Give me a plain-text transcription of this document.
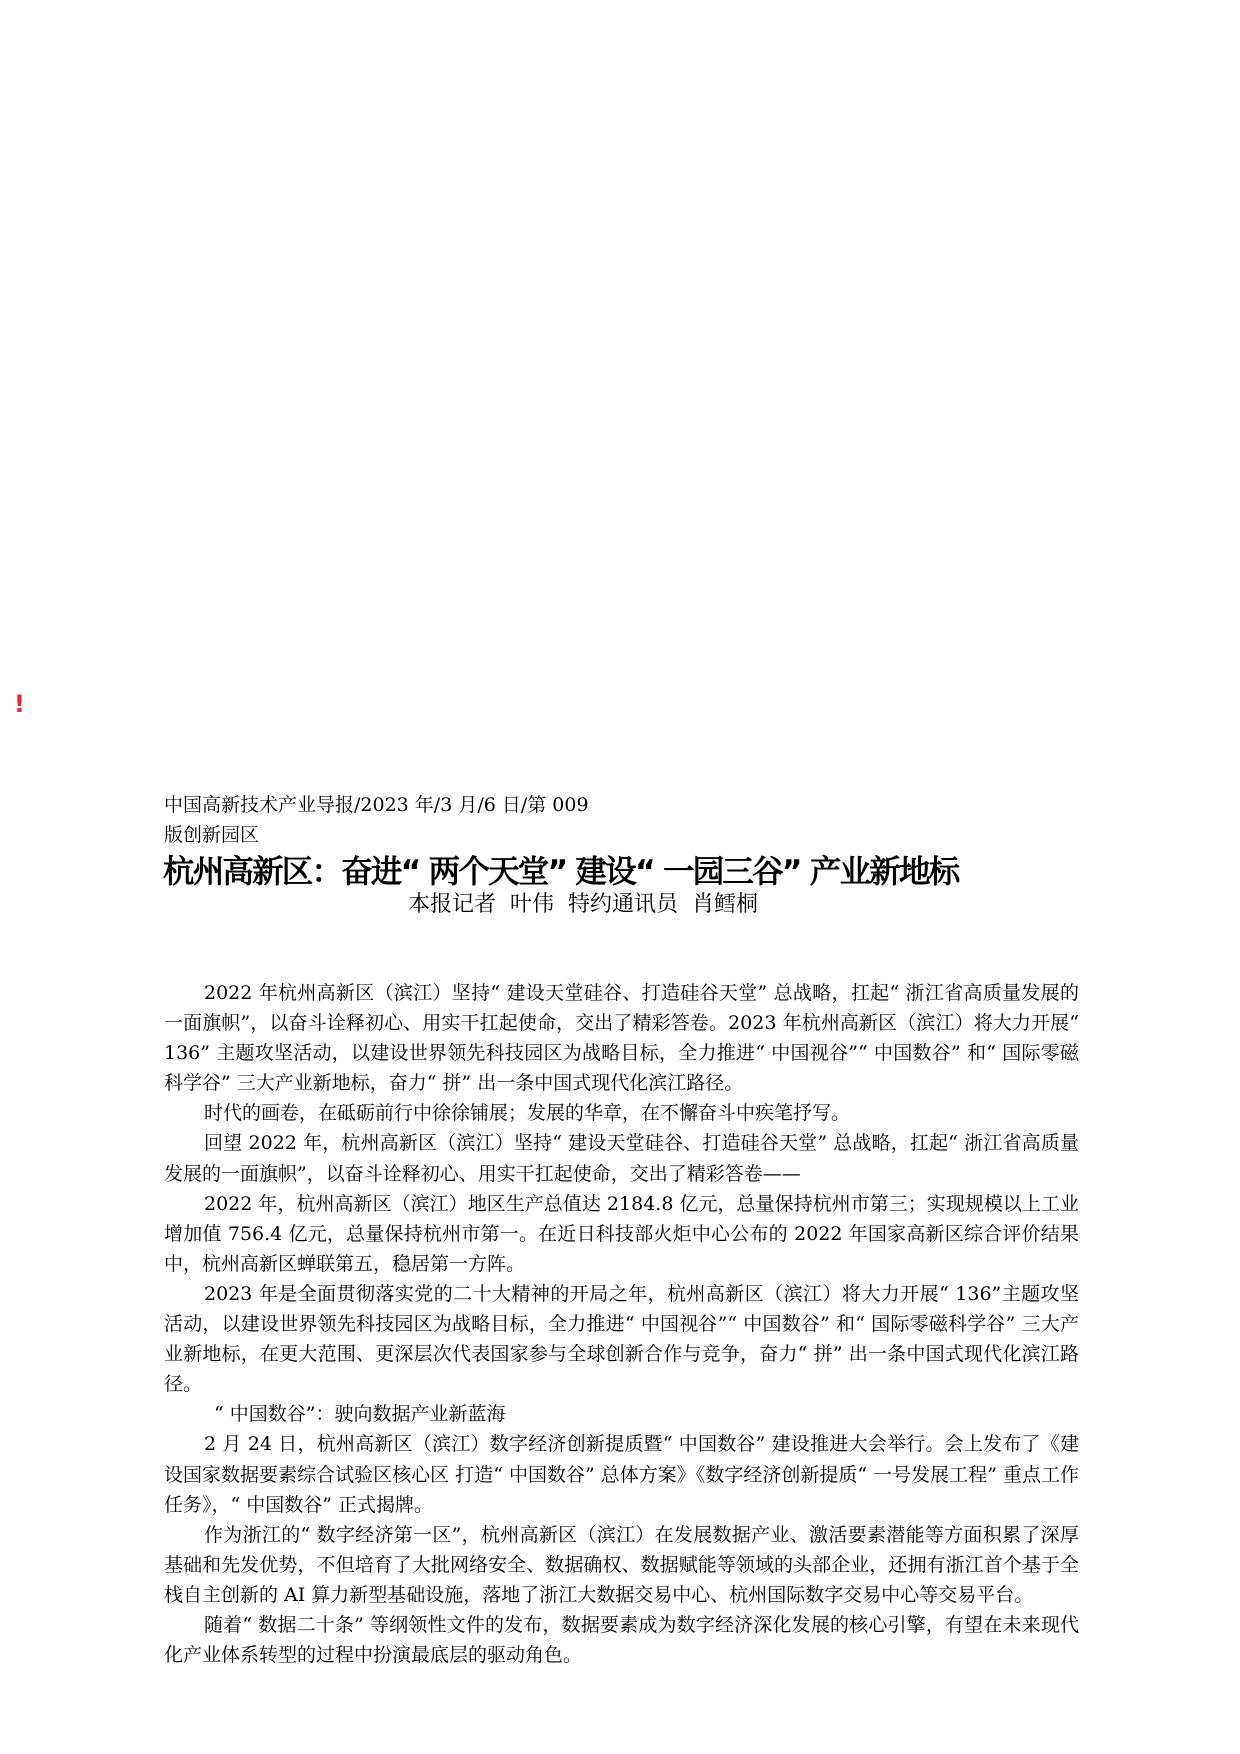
!
中国高新技术产业导报/2023 年/3 月/6 日/第 009
版创新园区
杭州高新区：奋进“ 两个天堂” 建设“ 一园三谷” 产业新地标
本报记者  叶伟  特约通讯员  肖鳕桐

2022 年杭州高新区（滨江）坚持“ 建设天堂硅谷、打造硅谷天堂” 总战略，扛起“ 浙江省高质量发展的一面旗帜”，以奋斗诠释初心、用实干扛起使命，交出了精彩答卷。2023 年杭州高新区（滨江）将大力开展“ 136” 主题攻坚活动，以建设世界领先科技园区为战略目标，全力推进“ 中国视谷”“ 中国数谷” 和“ 国际零磁科学谷” 三大产业新地标，奋力“ 拼” 出一条中国式现代化滨江路径。

时代的画卷，在砥砺前行中徐徐铺展；发展的华章，在不懈奋斗中疾笔抒写。

回望 2022 年，杭州高新区（滨江）坚持“ 建设天堂硅谷、打造硅谷天堂” 总战略，扛起“ 浙江省高质量发展的一面旗帜”，以奋斗诠释初心、用实干扛起使命，交出了精彩答卷——

2022 年，杭州高新区（滨江）地区生产总值达 2184.8 亿元，总量保持杭州市第三；实现规模以上工业增加值 756.4 亿元，总量保持杭州市第一。在近日科技部火炬中心公布的 2022 年国家高新区综合评价结果中，杭州高新区蝉联第五，稳居第一方阵。

2023 年是全面贯彻落实党的二十大精神的开局之年，杭州高新区（滨江）将大力开展“ 136”主题攻坚活动，以建设世界领先科技园区为战略目标，全力推进“ 中国视谷”“ 中国数谷” 和“ 国际零磁科学谷” 三大产业新地标，在更大范围、更深层次代表国家参与全球创新合作与竞争，奋力“ 拼” 出一条中国式现代化滨江路径。

“ 中国数谷”：驶向数据产业新蓝海

2 月 24 日，杭州高新区（滨江）数字经济创新提质暨“ 中国数谷” 建设推进大会举行。会上发布了《建设国家数据要素综合试验区核心区 打造“ 中国数谷” 总体方案》《数字经济创新提质“ 一号发展工程” 重点工作任务》，“ 中国数谷” 正式揭牌。

作为浙江的“ 数字经济第一区”，杭州高新区（滨江）在发展数据产业、激活要素潜能等方面积累了深厚基础和先发优势，不但培育了大批网络安全、数据确权、数据赋能等领域的头部企业，还拥有浙江首个基于全栈自主创新的 AI 算力新型基础设施，落地了浙江大数据交易中心、杭州国际数字交易中心等交易平台。

随着“ 数据二十条” 等纲领性文件的发布，数据要素成为数字经济深化发展的核心引擎，有望在未来现代化产业体系转型的过程中扮演最底层的驱动角色。
